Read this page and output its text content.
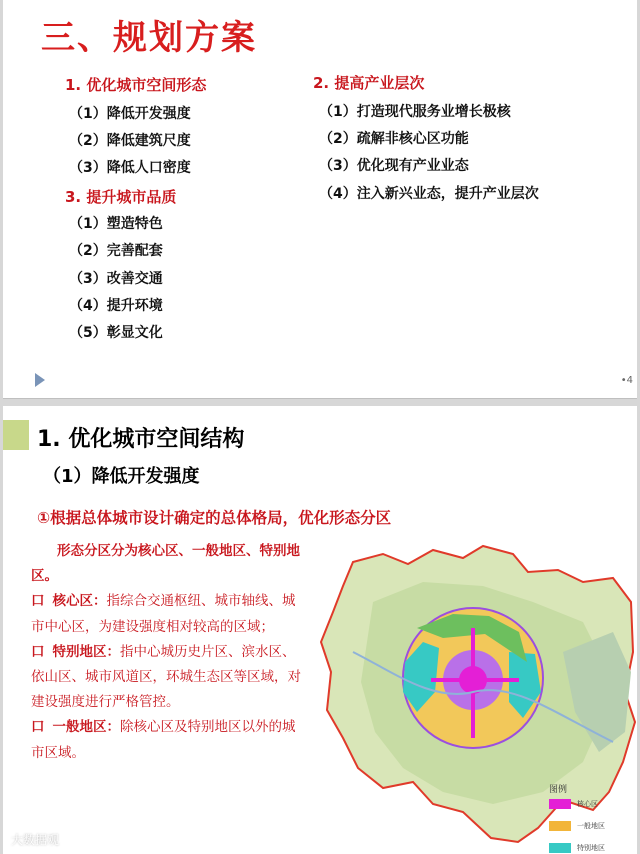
三、规划方案
1. 优化城市空间形态
（1）降低开发强度
（2）降低建筑尺度
（3）降低人口密度
3. 提升城市品质
（1）塑造特色
（2）完善配套
（3）改善交通
（4）提升环境
（5）彰显文化
2. 提高产业层次
（1）打造现代服务业增长极核
（2）疏解非核心区功能
（3）优化现有产业业态
（4）注入新兴业态，提升产业层次
•4
1. 优化城市空间结构
（1）降低开发强度
①根据总体城市设计确定的总体格局，优化形态分区

形态分区分为核心区、一般地区、特别地区。

口 核心区：指综合交通枢纽、城市轴线、城市中心区，为建设强度相对较高的区域；

口 特别地区：指中心城历史片区、滨水区、依山区、城市风道区，环城生态区等区域，对建设强度进行严格管控。

口 一般地区：除核心区及特别地区以外的城市区域。

图例
核心区
一般地区
特别地区
大数据观
